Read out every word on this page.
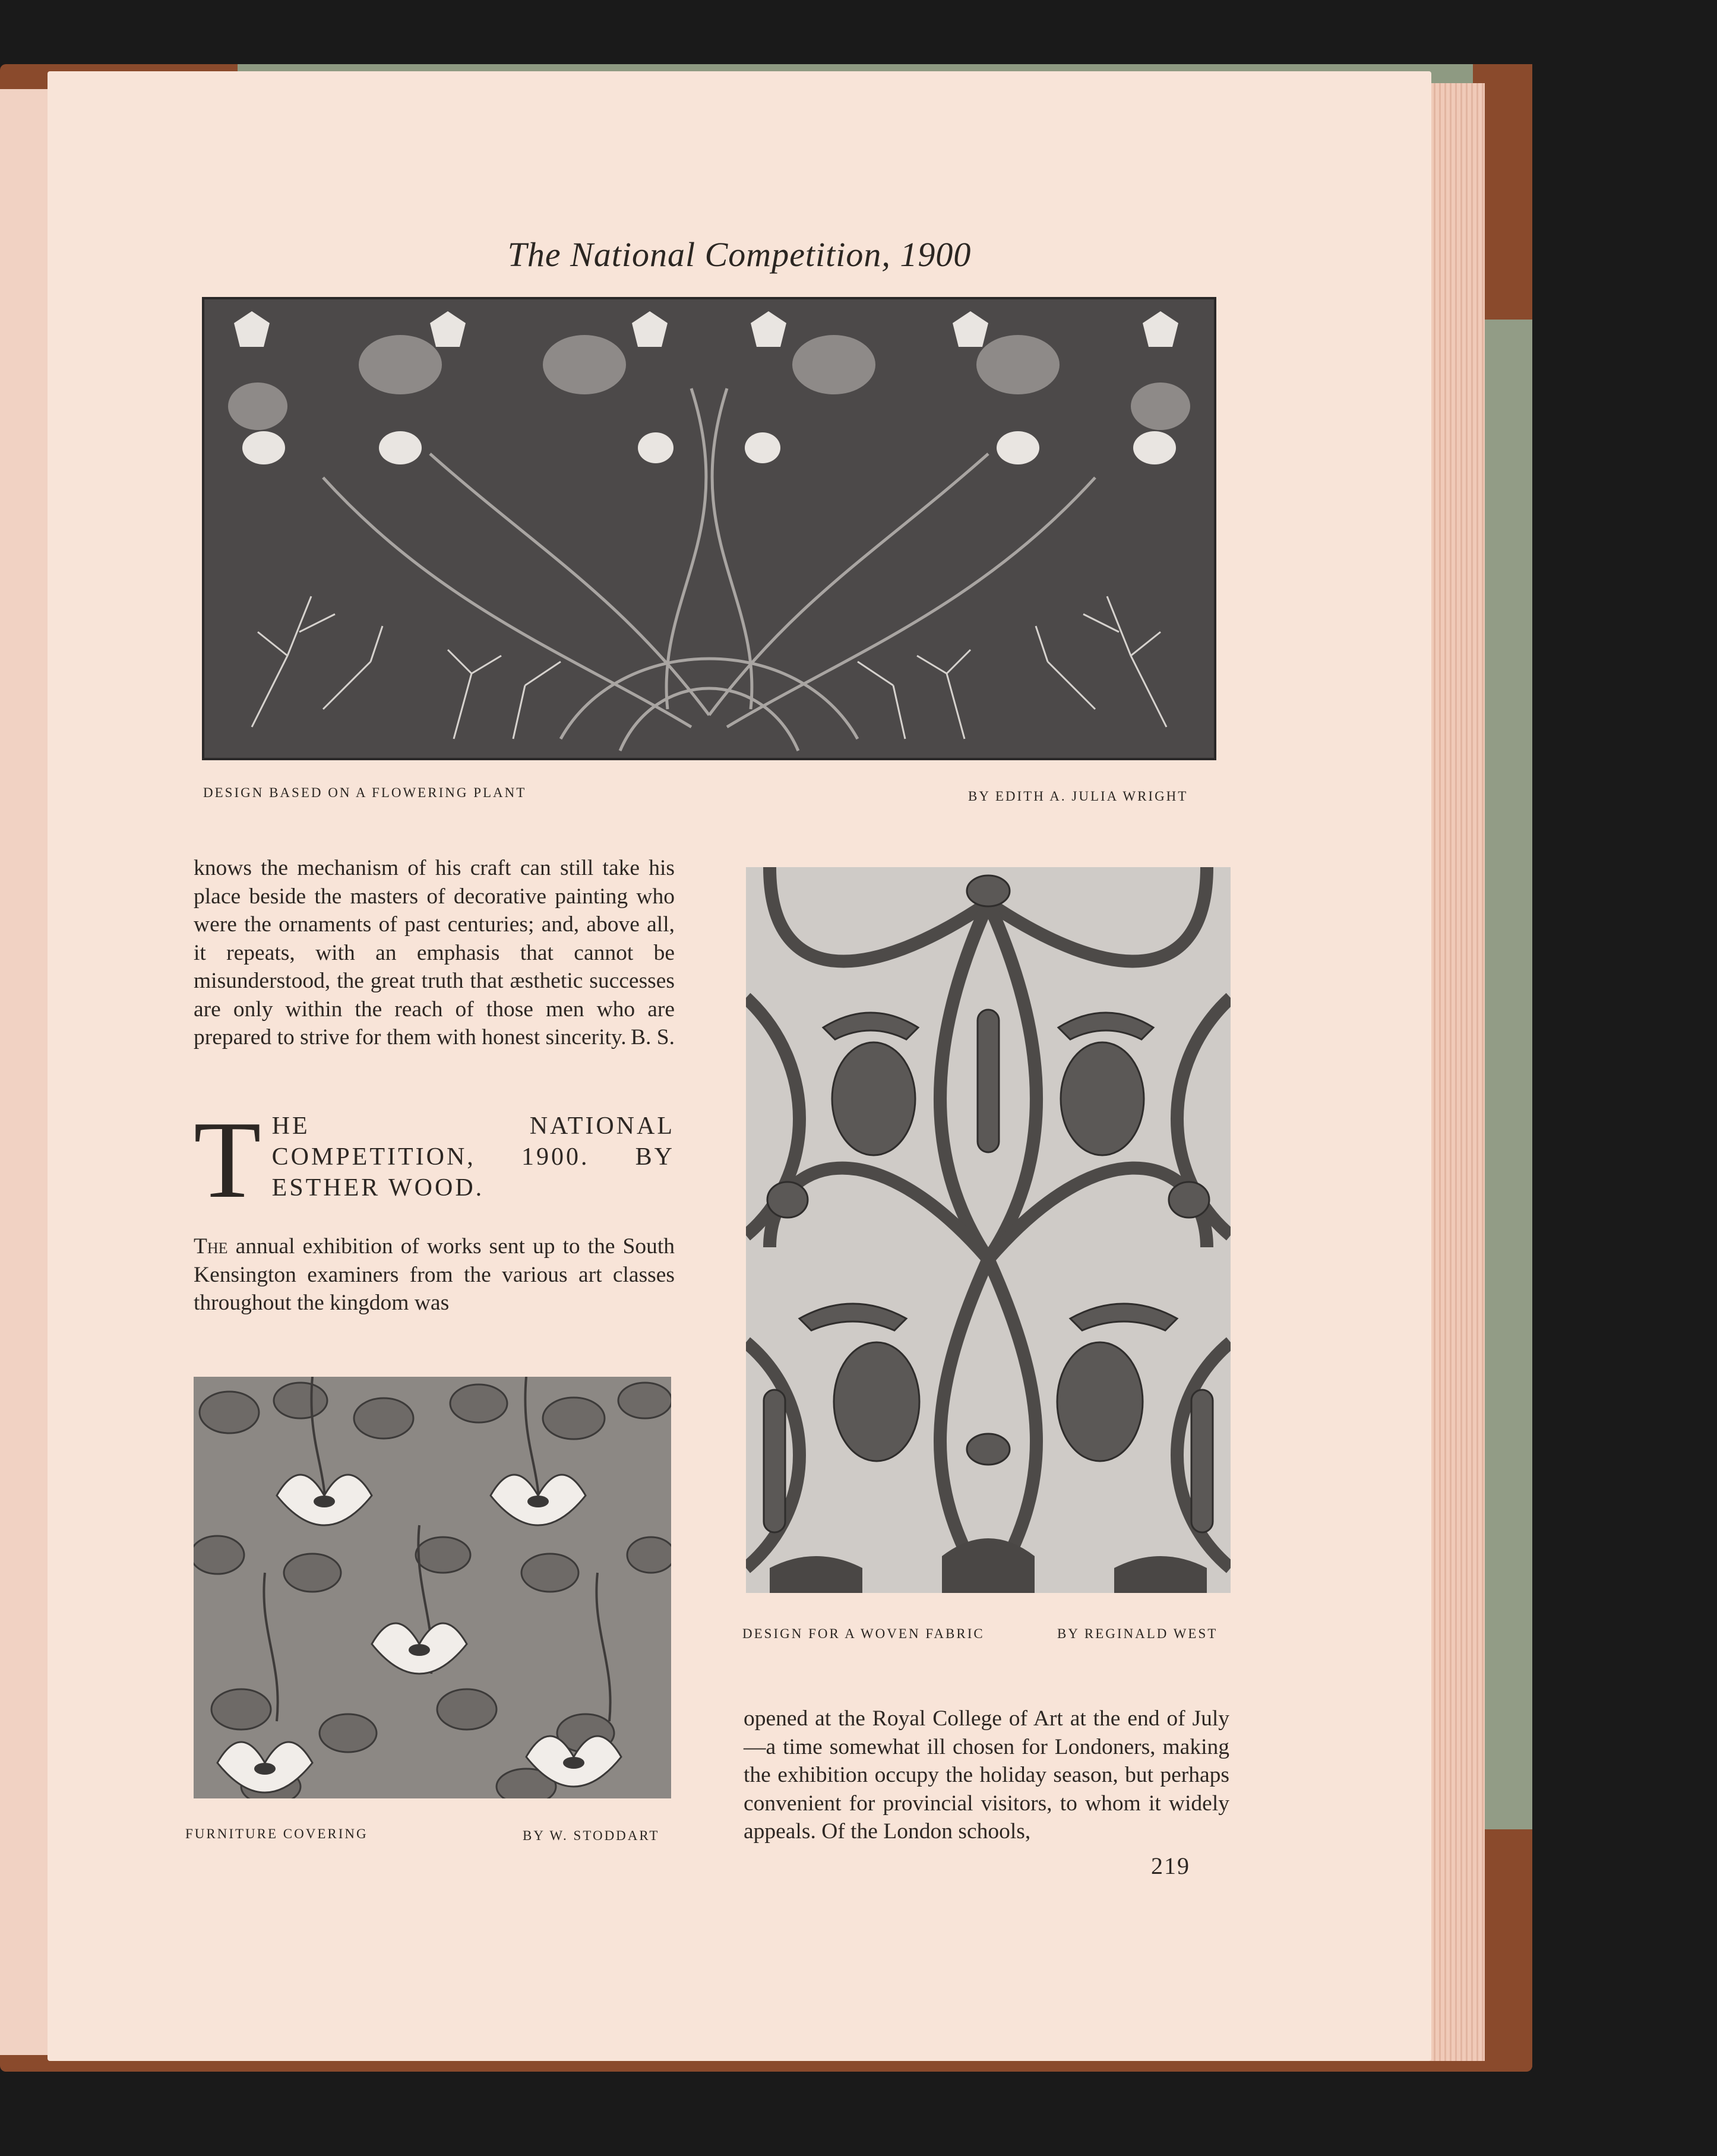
The National Competition, 1900
DESIGN BASED ON A FLOWERING PLANT	BY EDITH A. JULIA WRIGHT

knows the mechanism of his craft can still take his place beside the masters of decorative painting who were the ornaments of past centuries; and, above all, it repeats, with an emphasis that cannot be misunderstood, the great truth that æsthetic successes are only within the reach of those men who are prepared to strive for them with honest sincerity. B. S.

T HE NATIONAL COMPETITION, 1900. BY ESTHER WOOD.

The annual exhibition of works sent up to the South Kensington examiners from the various art classes throughout the kingdom was

FURNITURE COVERING	BY W. STODDART
DESIGN FOR A WOVEN FABRIC	BY REGINALD WEST

opened at the Royal College of Art at the end of July—a time somewhat ill chosen for Londoners, making the exhibition occupy the holiday season, but perhaps convenient for provincial visitors, to whom it widely appeals. Of the London schools,

219
